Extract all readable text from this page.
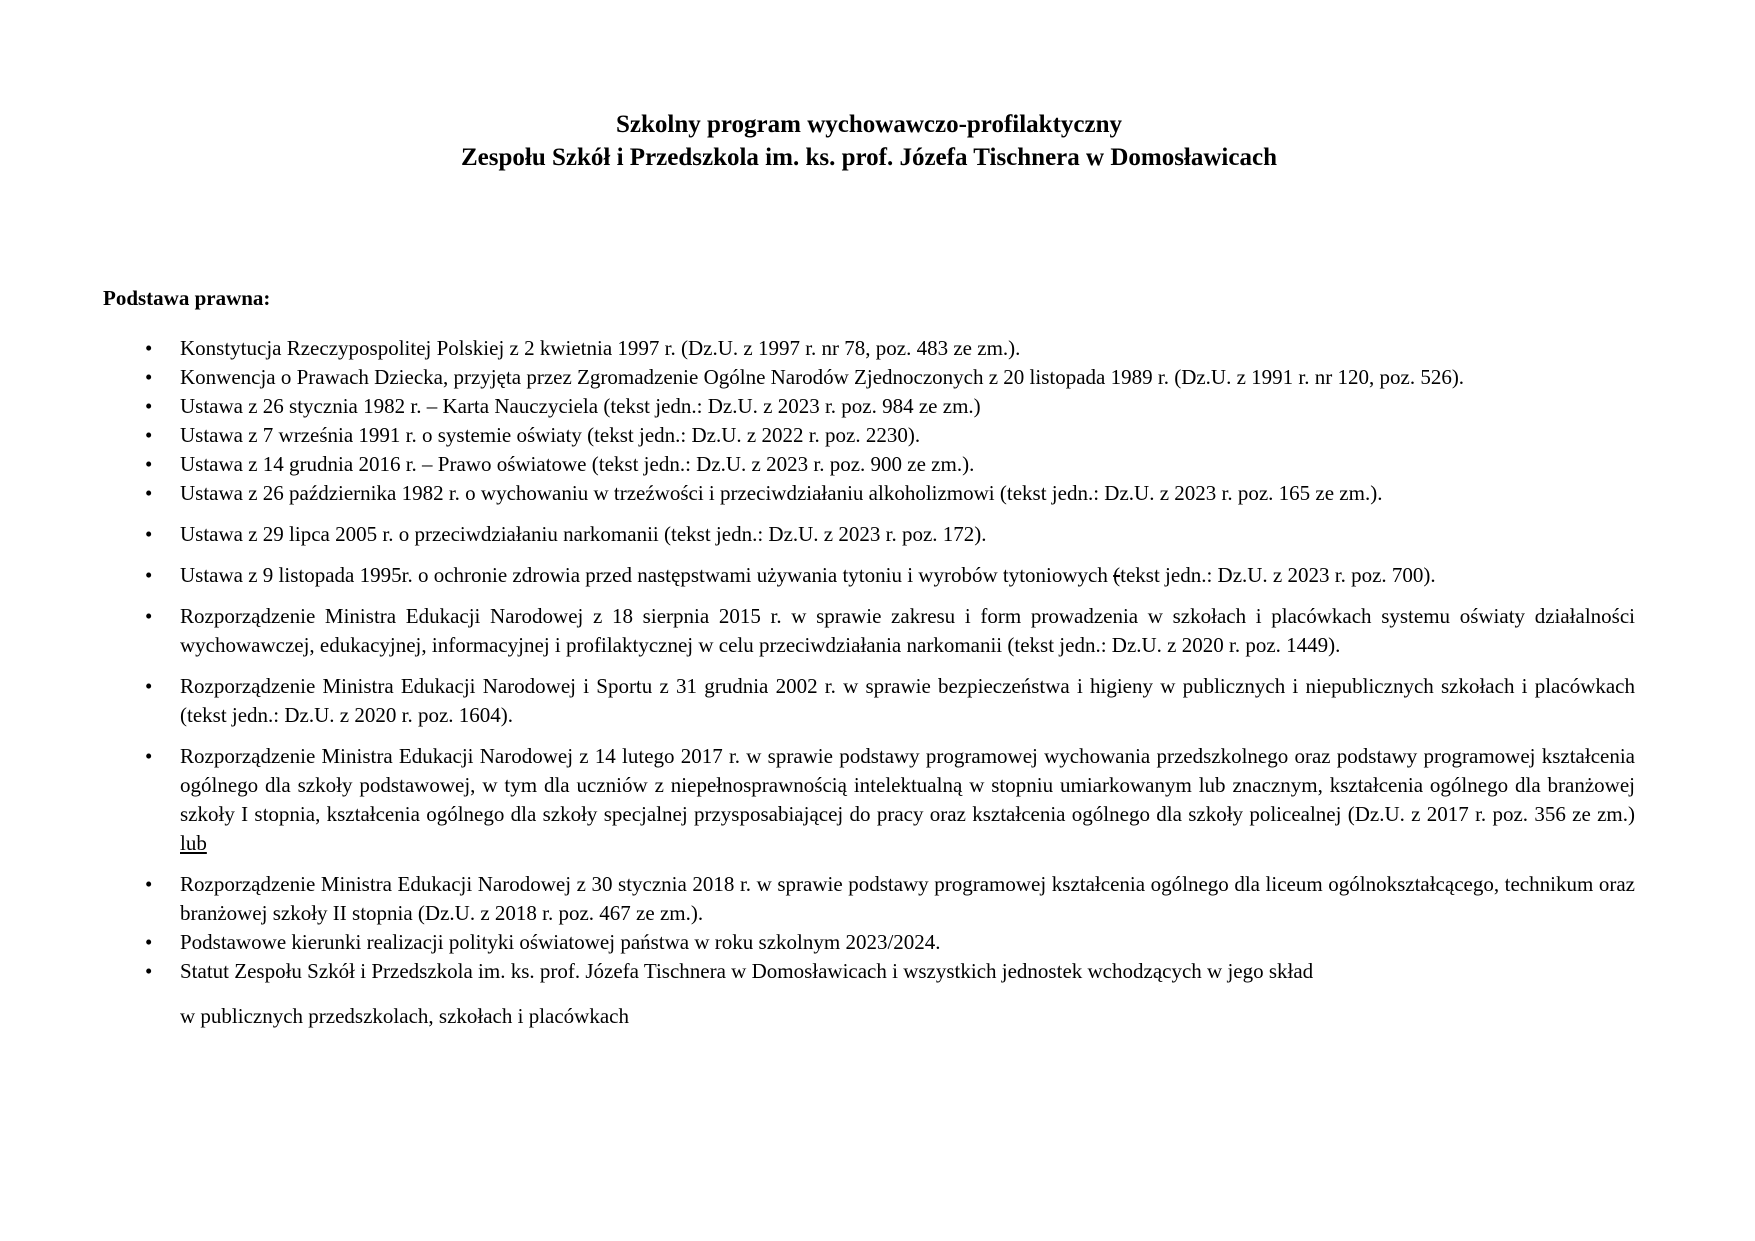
Szkolny program wychowawczo-profilaktyczny
Zespołu Szkół i Przedszkola im. ks. prof. Józefa Tischnera w Domosławicach
Podstawa prawna:

• Konstytucja Rzeczypospolitej Polskiej z 2 kwietnia 1997 r. (Dz.U. z 1997 r. nr 78, poz. 483 ze zm.).

• Konwencja o Prawach Dziecka, przyjęta przez Zgromadzenie Ogólne Narodów Zjednoczonych z 20 listopada 1989 r. (Dz.U. z 1991 r. nr 120, poz. 526).

• Ustawa z 26 stycznia 1982 r. – Karta Nauczyciela (tekst jedn.: Dz.U. z 2023 r. poz. 984 ze zm.)

• Ustawa z 7 września 1991 r. o systemie oświaty (tekst jedn.: Dz.U. z 2022 r. poz. 2230).

• Ustawa z 14 grudnia 2016 r. – Prawo oświatowe (tekst jedn.: Dz.U. z 2023 r. poz. 900 ze zm.).

• Ustawa z 26 października 1982 r. o wychowaniu w trzeźwości i przeciwdziałaniu alkoholizmowi (tekst jedn.: Dz.U. z 2023 r. poz. 165 ze zm.).

• Ustawa z 29 lipca 2005 r. o przeciwdziałaniu narkomanii (tekst jedn.: Dz.U. z 2023 r. poz. 172).

• Ustawa z 9 listopada 1995r. o ochronie zdrowia przed następstwami używania tytoniu i wyrobów tytoniowych (tekst jedn.: Dz.U. z 2023 r. poz. 700).

• Rozporządzenie Ministra Edukacji Narodowej z 18 sierpnia 2015 r. w sprawie zakresu i form prowadzenia w szkołach i placówkach systemu oświaty działalności wychowawczej, edukacyjnej, informacyjnej i profilaktycznej w celu przeciwdziałania narkomanii (tekst jedn.: Dz.U. z 2020 r. poz. 1449).

• Rozporządzenie Ministra Edukacji Narodowej i Sportu z 31 grudnia 2002 r. w sprawie bezpieczeństwa i higieny w publicznych i niepublicznych szkołach i placówkach (tekst jedn.: Dz.U. z 2020 r. poz. 1604).

• Rozporządzenie Ministra Edukacji Narodowej z 14 lutego 2017 r. w sprawie podstawy programowej wychowania przedszkolnego oraz podstawy programowej kształcenia ogólnego dla szkoły podstawowej, w tym dla uczniów z niepełnosprawnością intelektualną w stopniu umiarkowanym lub znacznym, kształcenia ogólnego dla branżowej szkoły I stopnia, kształcenia ogólnego dla szkoły specjalnej przysposabiającej do pracy oraz kształcenia ogólnego dla szkoły policealnej (Dz.U. z 2017 r. poz. 356 ze zm.) lub

• Rozporządzenie Ministra Edukacji Narodowej z 30 stycznia 2018 r. w sprawie podstawy programowej kształcenia ogólnego dla liceum ogólnokształcącego, technikum oraz branżowej szkoły II stopnia (Dz.U. z 2018 r. poz. 467 ze zm.).

• Podstawowe kierunki realizacji polityki oświatowej państwa w roku szkolnym 2023/2024.

• Statut Zespołu Szkół i Przedszkola im. ks. prof. Józefa Tischnera w Domosławicach i wszystkich jednostek wchodzących w jego skład

w publicznych przedszkolach, szkołach i placówkach
